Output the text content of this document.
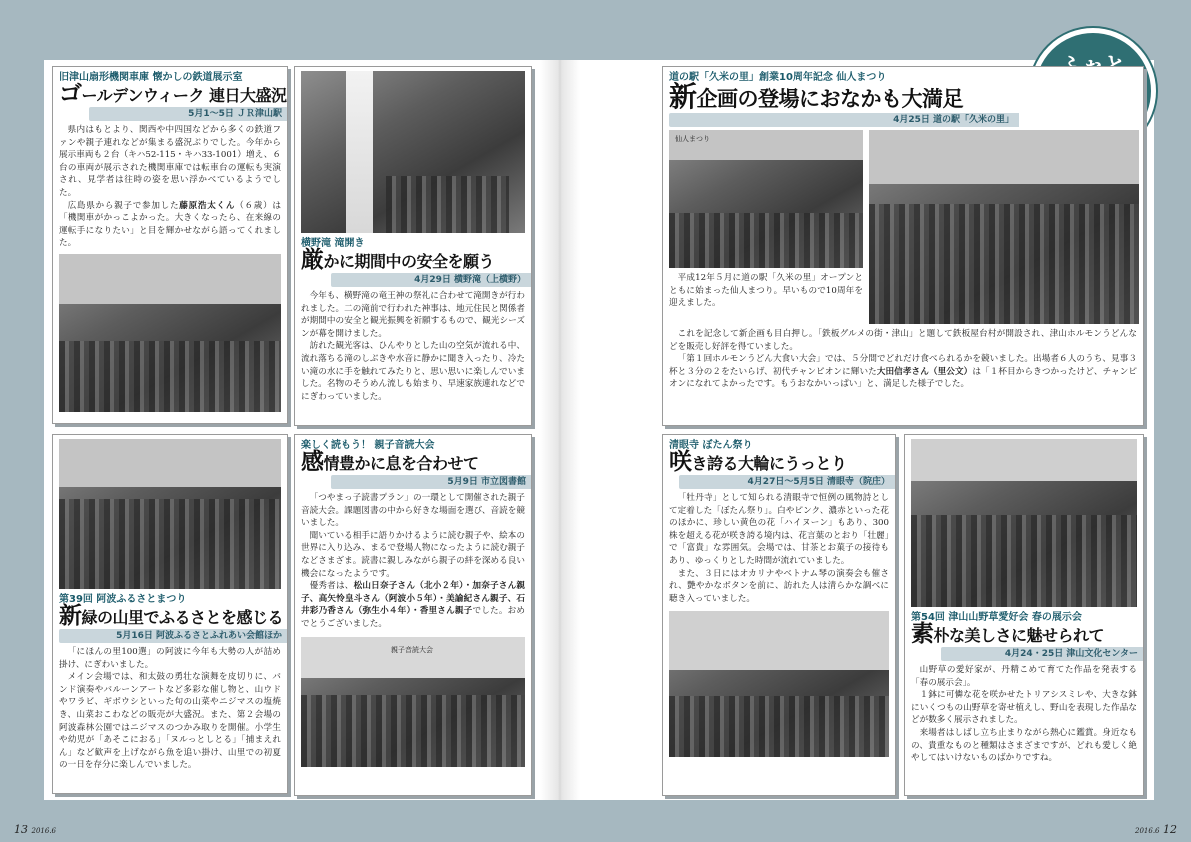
旧津山扇形機関車庫 懐かしの鉄道展示室
ゴールデンウィーク 連日大盛況
5月1～5日 ＪＲ津山駅

県内はもとより、関西や中四国などから多くの鉄道ファンや親子連れなどが集まる盛況ぶりでした。今年から展示車両も２台（キハ52‐115・キハ33‐1001）増え、６台の車両が展示された機関車庫では転車台の運転も実演され、見学者は往時の姿を思い浮かべているようでした。

広島県から親子で参加した藤原浩太くん（６歳）は「機関車がかっこよかった。大きくなったら、在来線の運転手になりたい」と目を輝かせながら語ってくれました。	横野滝 滝開き
厳かに期間中の安全を願う
4月29日 横野滝（上横野）

今年も、横野滝の竜王神の祭礼に合わせて滝開きが行われました。二の滝前で行われた神事は、地元住民と関係者が期間中の安全と観光振興を祈願するもので、観光シーズンが幕を開けました。

訪れた観光客は、ひんやりとした山の空気が流れる中、流れ落ちる滝のしぶきや水音に静かに聞き入ったり、冷たい滝の水に手を触れてみたりと、思い思いに楽しんでいました。名物のそうめん流しも始まり、早速家族連れなどでにぎわっていました。

第39回 阿波ふるさとまつり
新緑の山里でふるさとを感じる
5月16日 阿波ふるさとふれあい会館ほか

「にほんの里100選」の阿波に今年も大勢の人が詰め掛け、にぎわいました。

メイン会場では、和太鼓の勇壮な演舞を皮切りに、バンド演奏やバルーンアートなど多彩な催し物と、山ウドやワラビ、ギボウシといった旬の山菜やニジマスの塩焼き、山菜おこわなどの販売が大盛況。また、第２会場の阿波森林公園ではニジマスのつかみ取りを開催。小学生や幼児が「あそこにおる」「ヌルっとしとる」「捕まえれん」など歓声を上げながら魚を追い掛け、山里での初夏の一日を存分に楽しんでいました。

楽しく読もう！ 親子音読大会
感情豊かに息を合わせて
5月9日 市立図書館

「つやまっ子読書プラン」の一環として開催された親子音読大会。課題図書の中から好きな場面を選び、音読を競いました。

聞いている相手に語りかけるように読む親子や、絵本の世界に入り込み、まるで登場人物になったように読む親子などさまざま。読書に親しみながら親子の絆を深める良い機会になったようです。

優秀者は、松山日奈子さん（北小２年）・加奈子さん親子、高矢怜皇斗さん（阿波小５年）・美諭紀さん親子、石井彩乃香さん（弥生小４年）・香里さん親子でした。おめでとうございました。

親子音読大会
道の駅「久米の里」創業10周年記念 仙人まつり
新企画の登場におなかも大満足
4月25日 道の駅「久米の里」
仙人まつり

平成12年５月に道の駅「久米の里」オープンとともに始まった仙人まつり。早いもので10周年を迎えました。

これを記念して新企画も目白押し。「鉄板グルメの街・津山」と題して鉄板屋台村が開設され、津山ホルモンうどんなどを販売し好評を得ていました。

「第１回ホルモンうどん大食い大会」では、５分間でどれだけ食べられるかを競いました。出場者６人のうち、見事３杯と３分の２をたいらげ、初代チャンピオンに輝いた大田信孝さん（里公文）は「１杯目からきつかったけど、チャンピオンになれてよかったです。もうおなかいっぱい」と、満足した様子でした。

清眼寺 ぼたん祭り
咲き誇る大輪にうっとり
4月27日～5月5日 清眼寺（院庄）

「牡丹寺」として知られる清眼寺で恒例の風物詩として定着した「ぼたん祭り」。白やピンク、濃赤といった花のほかに、珍しい黄色の花「ハイヌーン」もあり、300株を超える花が咲き誇る境内は、花言葉のとおり「壮麗」で「富貴」な雰囲気。会場では、甘茶とお菓子の接待もあり、ゆっくりとした時間が流れていました。

また、３日にはオカリナやベトナム琴の演奏会も催され、艶やかなボタンを前に、訪れた人は清らかな調べに聴き入っていました。

第54回 津山山野草愛好会 春の展示会
素朴な美しさに魅せられて
4月24・25日 津山文化センター

山野草の愛好家が、丹精こめて育てた作品を発表する「春の展示会」。

１鉢に可憐な花を咲かせたトリアシスミレや、大きな鉢にいくつもの山野草を寄せ植えし、野山を表現した作品などが数多く展示されました。

来場者はしばし立ち止まりながら熱心に鑑賞。身近なもの、貴重なものと種類はさまざまですが、どれも愛しく絶やしてはいけないものばかりですね。

13 2016.6	2016.6 12
